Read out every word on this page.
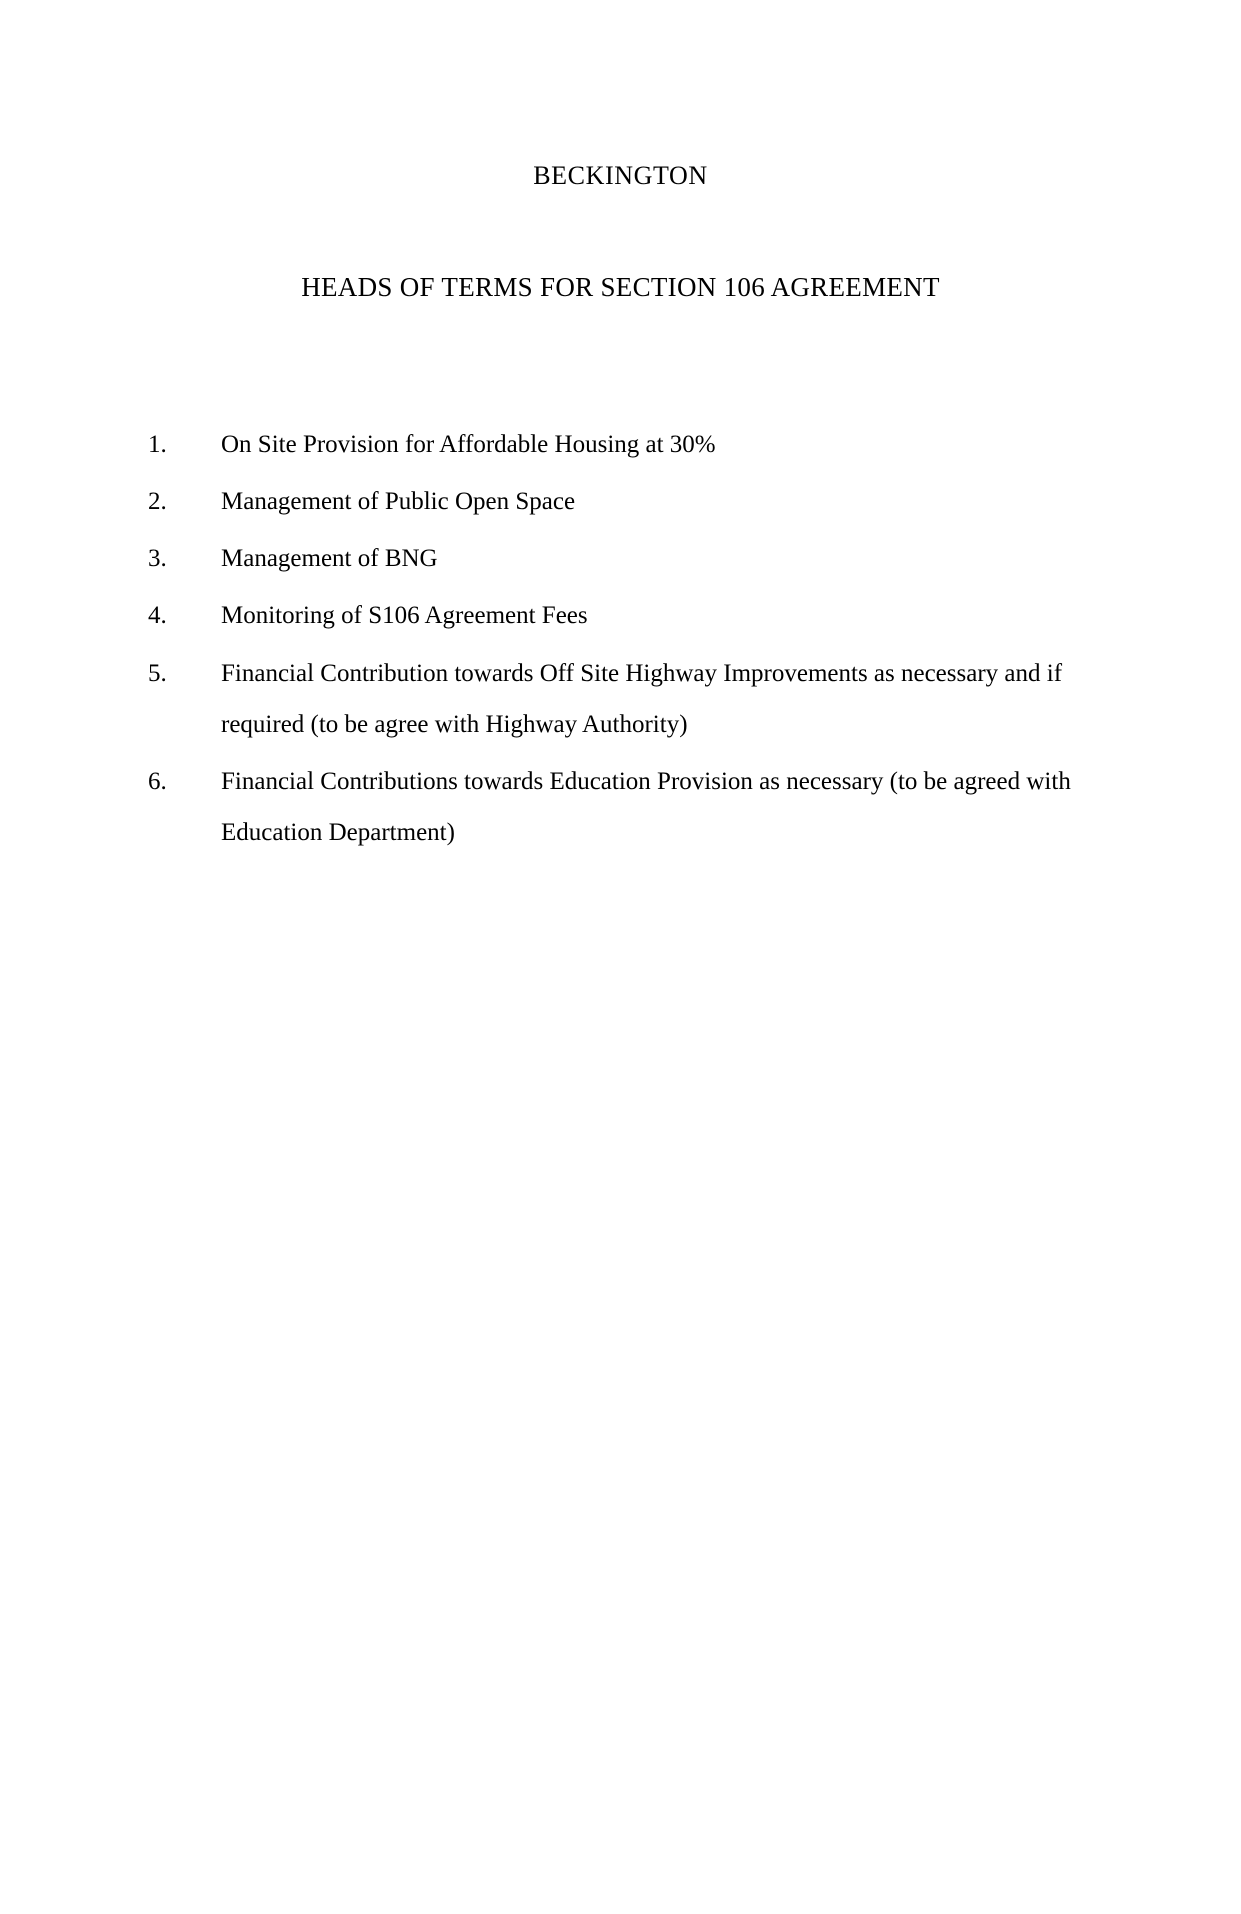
BECKINGTON
HEADS OF TERMS FOR SECTION 106 AGREEMENT
1.	On Site Provision for Affordable Housing at 30%
2.	Management of Public Open Space
3.	Management of BNG
4.	Monitoring of S106 Agreement Fees
5.	Financial Contribution towards Off Site Highway Improvements as necessary and if required (to be agree with Highway Authority)
6.	Financial Contributions towards Education Provision as necessary (to be agreed with Education Department)
